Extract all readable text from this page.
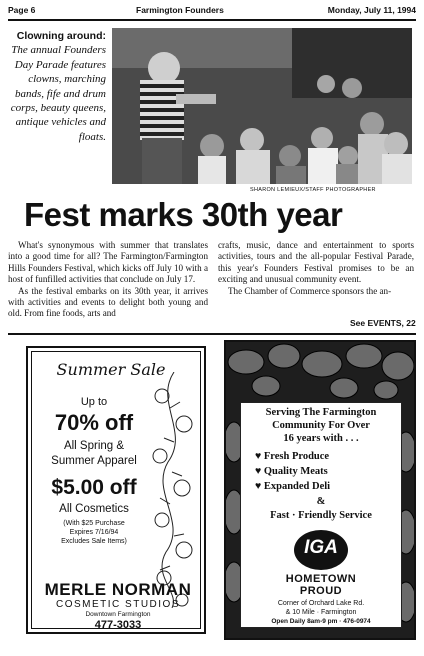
Page 6	Farmington Founders	Monday, July 11, 1994
Clowning around: The annual Founders Day Parade features clowns, marching bands, fife and drum corps, beauty queens, antique vehicles and floats.
SHARON LEMIEUX/STAFF PHOTOGRAPHER
Fest marks 30th year

What's synonymous with summer that translates into a good time for all? The Farmington/Farmington Hills Founders Festival, which kicks off July 10 with a host of funfilled activities that conclude on July 17.

As the festival embarks on its 30th year, it arrives with activities and events to delight both young and old. From fine foods, arts and

crafts, music, dance and entertainment to sports activities, tours and the all-popular Festival Parade, this year's Founders Festival promises to be an exciting and unusual community event.

The Chamber of Commerce sponsors the an-

See EVENTS, 22
Summer Sale
Up to
70% off
All Spring &
Summer Apparel
$5.00 off
All Cosmetics
(With $25 Purchase
Expires 7/16/94
Excludes Sale Items)
MERLE NORMAN
COSMETIC STUDIOS
Downtown Farmington
477-3033
Serving The Farmington
Community For Over
16 years with . . .
♥ Fresh Produce
♥ Quality Meats
♥ Expanded Deli
&
Fast · Friendly Service
IGA
HOMETOWN
PROUD
Corner of Orchard Lake Rd.
& 10 Mile · Farmington
Open Daily 8am-9 pm · 476-0974
